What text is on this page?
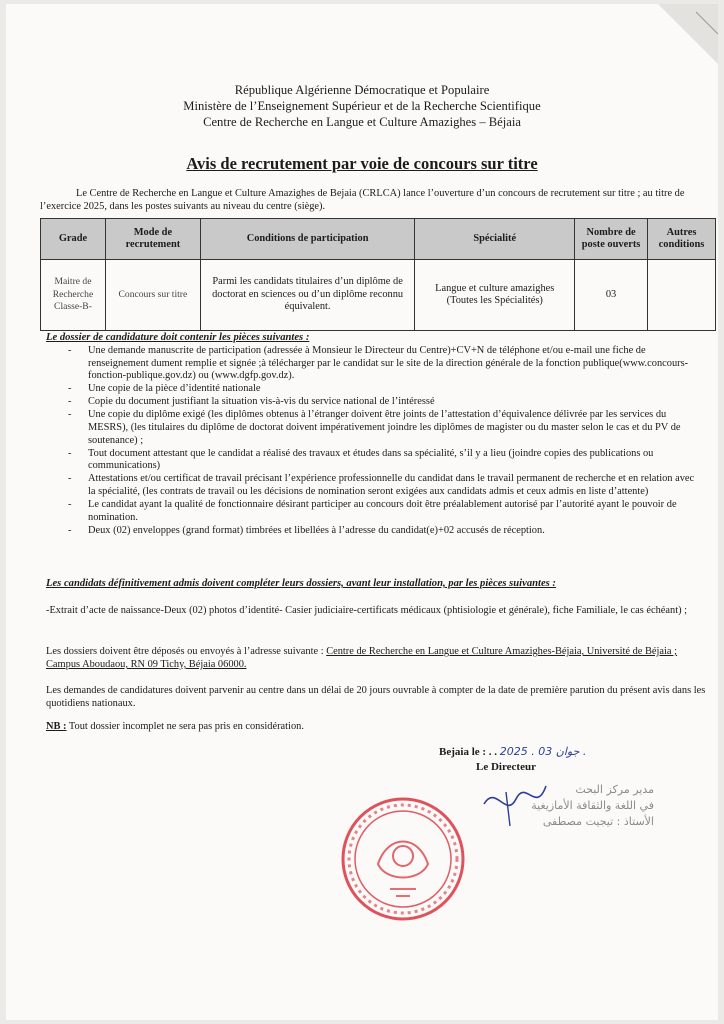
République Algérienne Démocratique et Populaire
Ministère de l’Enseignement Supérieur et de la Recherche Scientifique
Centre de Recherche en Langue et Culture Amazighes – Béjaia
Avis de recrutement par voie de concours sur titre
Le Centre de Recherche en Langue et Culture Amazighes de Bejaia (CRLCA) lance l’ouverture d’un concours de recrutement sur titre ; au titre de l’exercice 2025, dans les postes suivants au niveau du centre (siège).
Grade	Mode de recrutement	Conditions de participation	Spécialité	Nombre de poste ouverts	Autres conditions
Maitre de Recherche Classe-B-	Concours sur titre	Parmi les candidats titulaires d’un diplôme de doctorat en sciences ou d’un diplôme reconnu équivalent.	Langue et culture amazighes (Toutes les Spécialités)	03	
Le dossier de candidature doit contenir les pièces suivantes :
- Une demande manuscrite de participation (adressée à Monsieur le Directeur du Centre)+CV+N de téléphone et/ou e-mail une fiche de renseignement dument remplie et signée ;à télécharger par le candidat sur le site de la direction générale de la fonction publique(www.concours-fonction-publique.gov.dz) ou (www.dgfp.gov.dz).
- Une copie de la pièce d’identité nationale
- Copie du document justifiant la situation vis-à-vis du service national de l’intéressé
- Une copie du diplôme exigé (les diplômes obtenus à l’étranger doivent être joints de l’attestation d’équivalence délivrée par les services du MESRS), (les titulaires du diplôme de doctorat doivent impérativement joindre les diplômes de magister ou du master selon le cas et du PV de soutenance) ;
- Tout document attestant que le candidat a réalisé des travaux et études dans sa spécialité, s’il y a lieu (joindre copies des publications ou communications)
- Attestations et/ou certificat de travail précisant l’expérience professionnelle du candidat dans le travail permanent de recherche et en relation avec la spécialité, (les contrats de travail ou les décisions de nomination seront exigées aux candidats admis et ceux admis en liste d’attente)
- Le candidat ayant la qualité de fonctionnaire désirant participer au concours doit être préalablement autorisé par l’autorité ayant le pouvoir de nomination.
- Deux (02) enveloppes (grand format) timbrées et libellées à l’adresse du candidat(e)+02 accusés de réception.
Les candidats définitivement admis doivent compléter leurs dossiers, avant leur installation, par les pièces suivantes :
-Extrait d’acte de naissance-Deux (02) photos d’identité- Casier judiciaire-certificats médicaux (phtisiologie et générale), fiche Familiale, le cas échéant) ;
Les dossiers doivent être déposés ou envoyés à l’adresse suivante : Centre de Recherche en Langue et Culture Amazighes-Béjaia, Université de Béjaia ; Campus Aboudaou, RN 09 Tichy, Béjaia 06000.
Les demandes de candidatures doivent parvenir au centre dans un délai de 20 jours ouvrable à compter de la date de première parution du présent avis dans les quotidiens nationaux.
NB : Tout dossier incomplet ne sera pas pris en considération.
Bejaia le : . . 2025 . جوان 03 .
Le Directeur
مدير مركز البحث
في اللغة والثقافة الأمازيغية
الأستاذ : تيجيت مصطفى
